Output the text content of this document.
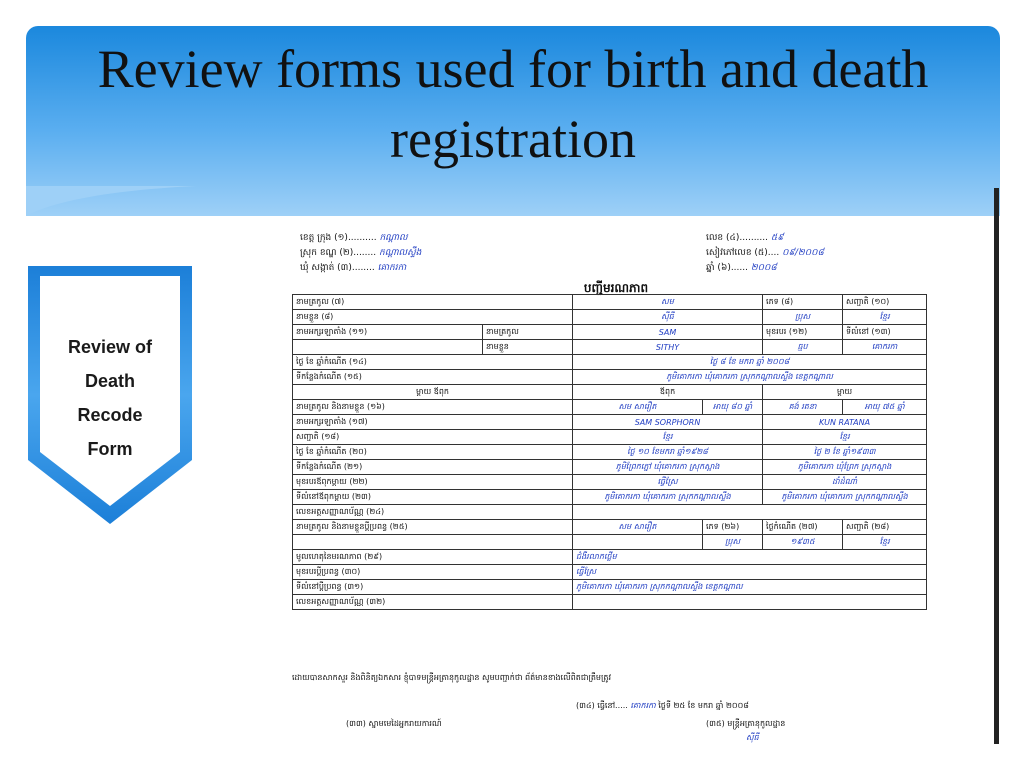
Review forms used for birth and death registration
Review of
Death
Recode
Form
ខេត្ត ក្រុង (១).......... កណ្ដាល
ស្រុក ខណ្ឌ (២)........ កណ្ដាលស្ទឹង
ឃុំ សង្កាត់ (៣)........ គោករកា
លេខ (៤).......... ៥៩
សៀវភៅលេខ (៥).... ០៩/២០០៨
ឆ្នាំ (៦)...... ២០០៨
បញ្ជីមរណភាព
នាមត្រកូល (៧)		សម		ភេទ (៨)	សញ្ជាតិ (១០)
នាមខ្លួន (៨)		ស៊ីធី		ប្រុស	ខ្មែរ
នាមអក្សរឡាតាំង (១១)	នាមត្រកូល	SAM		មុខរបរ (១២)	ទីលំនៅ (១៣)
	នាមខ្លួន	SITHY		ធ្មប	គោករកា
ថ្ងៃ ខែ ឆ្នាំកំណើត (១៤)		ថ្ងៃ ៨ ខែ មករា ឆ្នាំ ២០០៨			
ទីកន្លែងកំណើត (១៥)		ភូមិគោករកា ឃុំគោករកា ស្រុកកណ្ដាលស្ទឹង ខេត្តកណ្ដាល			
ម្ដាយ ឪពុក		ឪពុក		ម្ដាយ	
នាមត្រកូល និងនាមខ្លួន (១៦)		សម សារឿត	អាយុ ៨០ ឆ្នាំ	គង់ រតនា	អាយុ ៧៥ ឆ្នាំ
នាមអក្សរឡាតាំង (១៧)		SAM SORPHORN		KUN RATANA	
សញ្ជាតិ (១៨)		ខ្មែរ		ខ្មែរ	
ថ្ងៃ ខែ ឆ្នាំកំណើត (២០)		ថ្ងៃ ១០ ខែមករា ឆ្នាំ១៩២៨		ថ្ងៃ ២ ខែ ឆ្នាំ១៩៣៣	
ទីកន្លែងកំណើត (២១)		ភូមិព្រែកភ្នៅ ឃុំគោករកា ស្រុកស្អាង		ភូមិគោករកា ឃុំព្រែក ស្រុកស្អាង	
មុខរបរឪពុកម្ដាយ (២២)		ធ្វើស្រែ		ដាំដំណាំ	
ទីលំនៅឪពុកម្ដាយ (២៣)		ភូមិគោករកា ឃុំគោករកា ស្រុកកណ្ដាលស្ទឹង		ភូមិគោករកា ឃុំគោករកា ស្រុកកណ្ដាលស្ទឹង	
លេខអត្តសញ្ញាណប័ណ្ណ (២៤)					
នាមត្រកូល និងនាមខ្លួនប្ដីប្រពន្ធ (២៥)		សម សារឿត	ភេទ (២៦)	ថ្ងៃកំណើត (២៧)	សញ្ជាតិ (២៨)
			ប្រុស	១៩៣៥	ខ្មែរ
មូលហេតុនៃមរណភាព (២៩)		ជំងឺរលាកថ្លើម			
មុខរបរប្ដីប្រពន្ធ (៣០)		ធ្វើស្រែ			
ទីលំនៅប្ដីប្រពន្ធ (៣១)		ភូមិគោករកា ឃុំគោករកា ស្រុកកណ្ដាលស្ទឹង ខេត្តកណ្ដាល			
លេខអត្តសញ្ញាណប័ណ្ណ (៣២)					
ដោយបានសាកសួរ និងពិនិត្យឯកសារ ខ្ញុំបាទមន្ត្រីអត្រានុកូលដ្ឋាន សូមបញ្ជាក់ថា ព័ត៌មានខាងលើពិតជាត្រឹមត្រូវ
(៣៤) ធ្វើនៅ..... គោករកា ថ្ងៃទី ២៥ ខែ មករា ឆ្នាំ ២០០៨
(៣៣) ស្នាមមេដៃអ្នករាយការណ៍	(៣៥) មន្ត្រីអត្រានុកូលដ្ឋាន
ស៊ីធី
